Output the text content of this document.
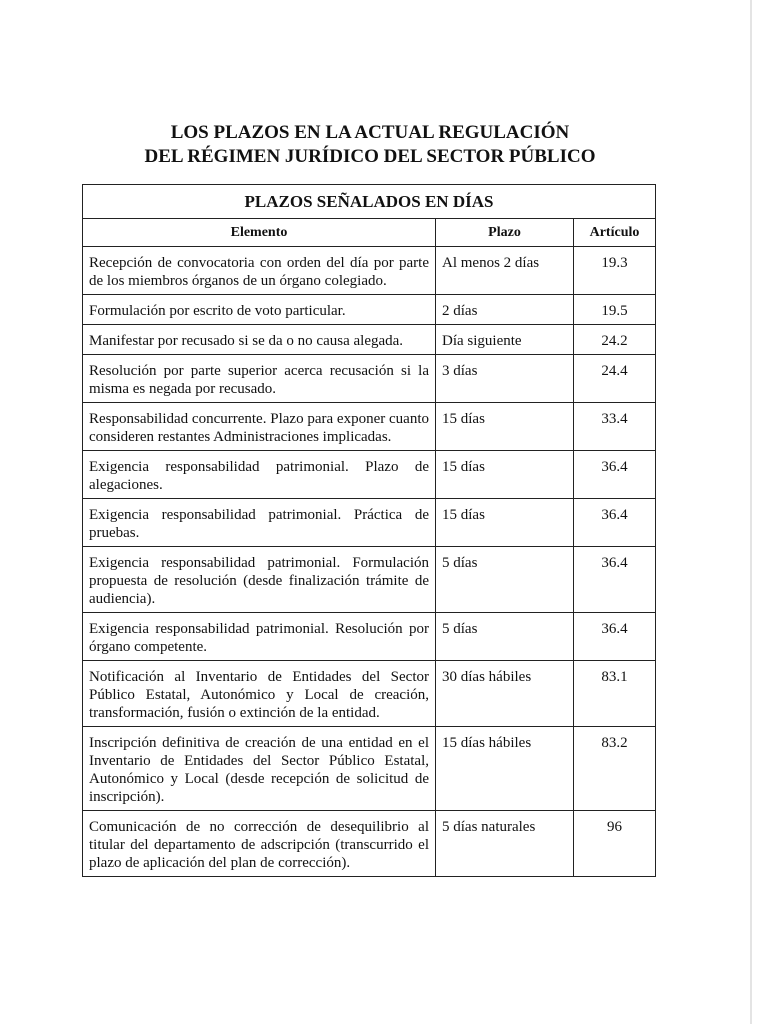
LOS PLAZOS EN LA ACTUAL REGULACIÓN
DEL RÉGIMEN JURÍDICO DEL SECTOR PÚBLICO
PLAZOS SEÑALADOS EN DÍAS		
Elemento	Plazo	Artículo
Recepción de convocatoria con orden del día por parte de los miembros órganos de un órgano colegiado.	Al menos 2 días	19.3
Formulación por escrito de voto particular.	2 días	19.5
Manifestar por recusado si se da o no causa alegada.	Día siguiente	24.2
Resolución por parte superior acerca recusación si la misma es negada por recusado.	3 días	24.4
Responsabilidad concurrente. Plazo para exponer cuanto consideren restantes Administraciones implicadas.	15 días	33.4
Exigencia responsabilidad patrimonial. Plazo de alegaciones.	15 días	36.4
Exigencia responsabilidad patrimonial. Práctica de pruebas.	15 días	36.4
Exigencia responsabilidad patrimonial. Formulación propuesta de resolución (desde finalización trámite de audiencia).	5 días	36.4
Exigencia responsabilidad patrimonial. Resolución por órgano competente.	5 días	36.4
Notificación al Inventario de Entidades del Sector Público Estatal, Autonómico y Local de creación, transformación, fusión o extinción de la entidad.	30 días hábiles	83.1
Inscripción definitiva de creación de una entidad en el Inventario de Entidades del Sector Público Estatal, Autonómico y Local (desde recepción de solicitud de inscripción).	15 días hábiles	83.2
Comunicación de no corrección de desequilibrio al titular del departamento de adscripción (transcurrido el plazo de aplicación del plan de corrección).	5 días naturales	96
